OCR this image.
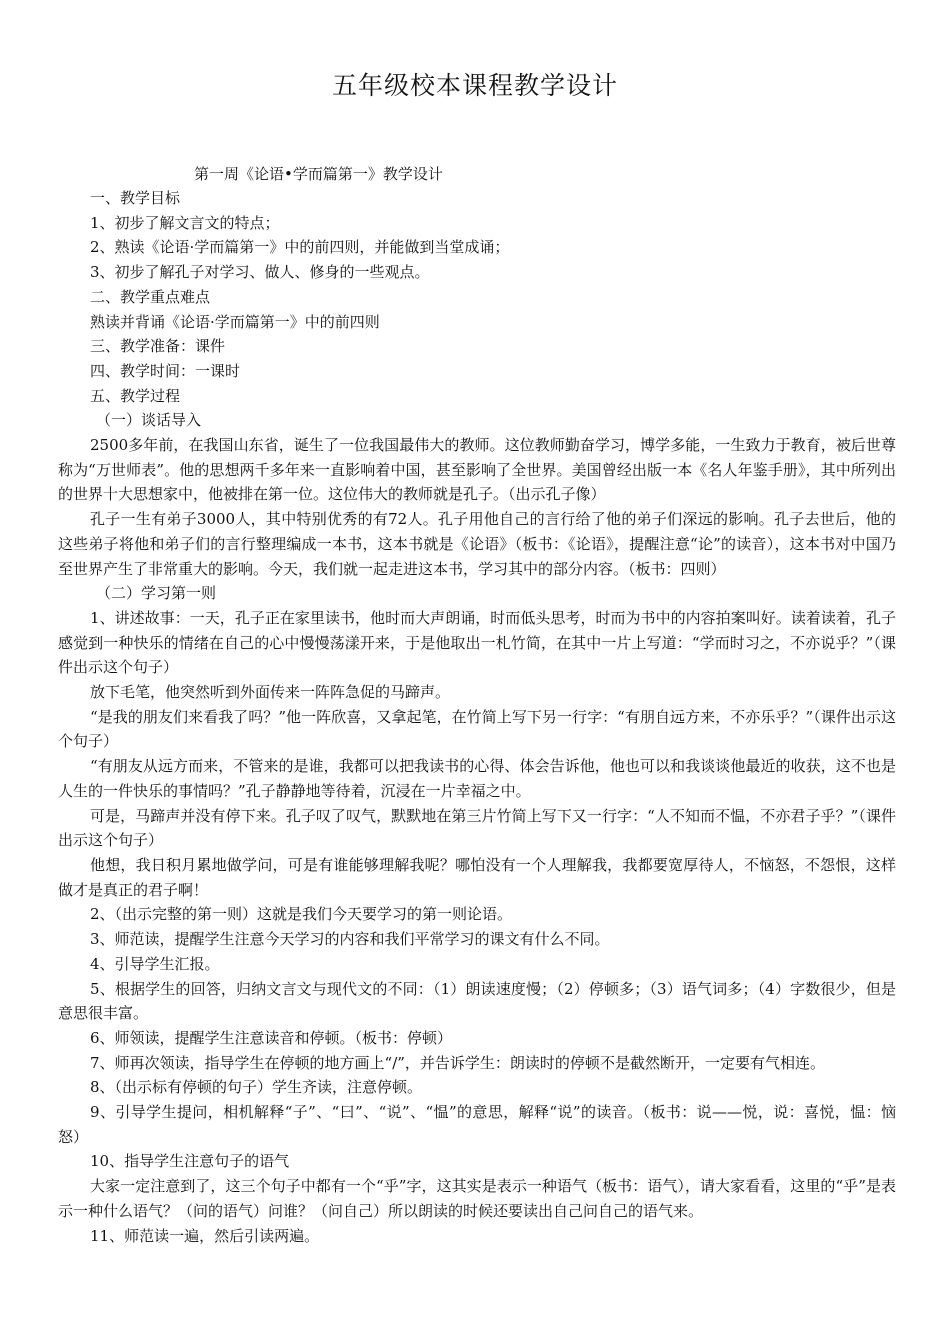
五年级校本课程教学设计
第一周《论语•学而篇第一》教学设计

一、教学目标

1、初步了解文言文的特点；

2、熟读《论语·学而篇第一》中的前四则，并能做到当堂成诵；

3、初步了解孔子对学习、做人、修身的一些观点。

二、教学重点难点

熟读并背诵《论语·学而篇第一》中的前四则

三、教学准备：课件

四、教学时间：一课时

五、教学过程

（一）谈话导入

2500多年前，在我国山东省，诞生了一位我国最伟大的教师。这位教师勤奋学习，博学多能，一生致力于教育，被后世尊称为“万世师表”。他的思想两千多年来一直影响着中国，甚至影响了全世界。美国曾经出版一本《名人年鉴手册》，其中所列出的世界十大思想家中，他被排在第一位。这位伟大的教师就是孔子。（出示孔子像）

孔子一生有弟子3000人，其中特别优秀的有72人。孔子用他自己的言行给了他的弟子们深远的影响。孔子去世后，他的这些弟子将他和弟子们的言行整理编成一本书，这本书就是《论语》（板书：《论语》，提醒注意“论”的读音），这本书对中国乃至世界产生了非常重大的影响。今天，我们就一起走进这本书，学习其中的部分内容。（板书：四则）

（二）学习第一则

1、讲述故事：一天，孔子正在家里读书，他时而大声朗诵，时而低头思考，时而为书中的内容拍案叫好。读着读着，孔子感觉到一种快乐的情绪在自己的心中慢慢荡漾开来，于是他取出一札竹简，在其中一片上写道：“学而时习之，不亦说乎？”（课件出示这个句子）

放下毛笔，他突然听到外面传来一阵阵急促的马蹄声。

“是我的朋友们来看我了吗？”他一阵欣喜，又拿起笔，在竹简上写下另一行字：“有朋自远方来，不亦乐乎？”（课件出示这个句子）

“有朋友从远方而来，不管来的是谁，我都可以把我读书的心得、体会告诉他，他也可以和我谈谈他最近的收获，这不也是人生的一件快乐的事情吗？”孔子静静地等待着，沉浸在一片幸福之中。

可是，马蹄声并没有停下来。孔子叹了叹气，默默地在第三片竹简上写下又一行字：“人不知而不愠，不亦君子乎？”（课件出示这个句子）

他想，我日积月累地做学问，可是有谁能够理解我呢？哪怕没有一个人理解我，我都要宽厚待人，不恼怒，不怨恨，这样做才是真正的君子啊！

2、（出示完整的第一则）这就是我们今天要学习的第一则论语。

3、师范读，提醒学生注意今天学习的内容和我们平常学习的课文有什么不同。

4、引导学生汇报。

5、根据学生的回答，归纳文言文与现代文的不同：（1）朗读速度慢；（2）停顿多；（3）语气词多；（4）字数很少，但是意思很丰富。

6、师领读，提醒学生注意读音和停顿。（板书：停顿）

7、师再次领读，指导学生在停顿的地方画上“/”，并告诉学生：朗读时的停顿不是截然断开，一定要有气相连。

8、（出示标有停顿的句子）学生齐读，注意停顿。

9、引导学生提问，相机解释“子”、“曰”、“说”、“愠”的意思，解释“说”的读音。（板书：说——悦，说：喜悦，愠：恼怒）

10、指导学生注意句子的语气

大家一定注意到了，这三个句子中都有一个“乎”字，这其实是表示一种语气（板书：语气），请大家看看，这里的“乎”是表示一种什么语气？（问的语气）问谁？（问自己）所以朗读的时候还要读出自己问自己的语气来。

11、师范读一遍，然后引读两遍。
